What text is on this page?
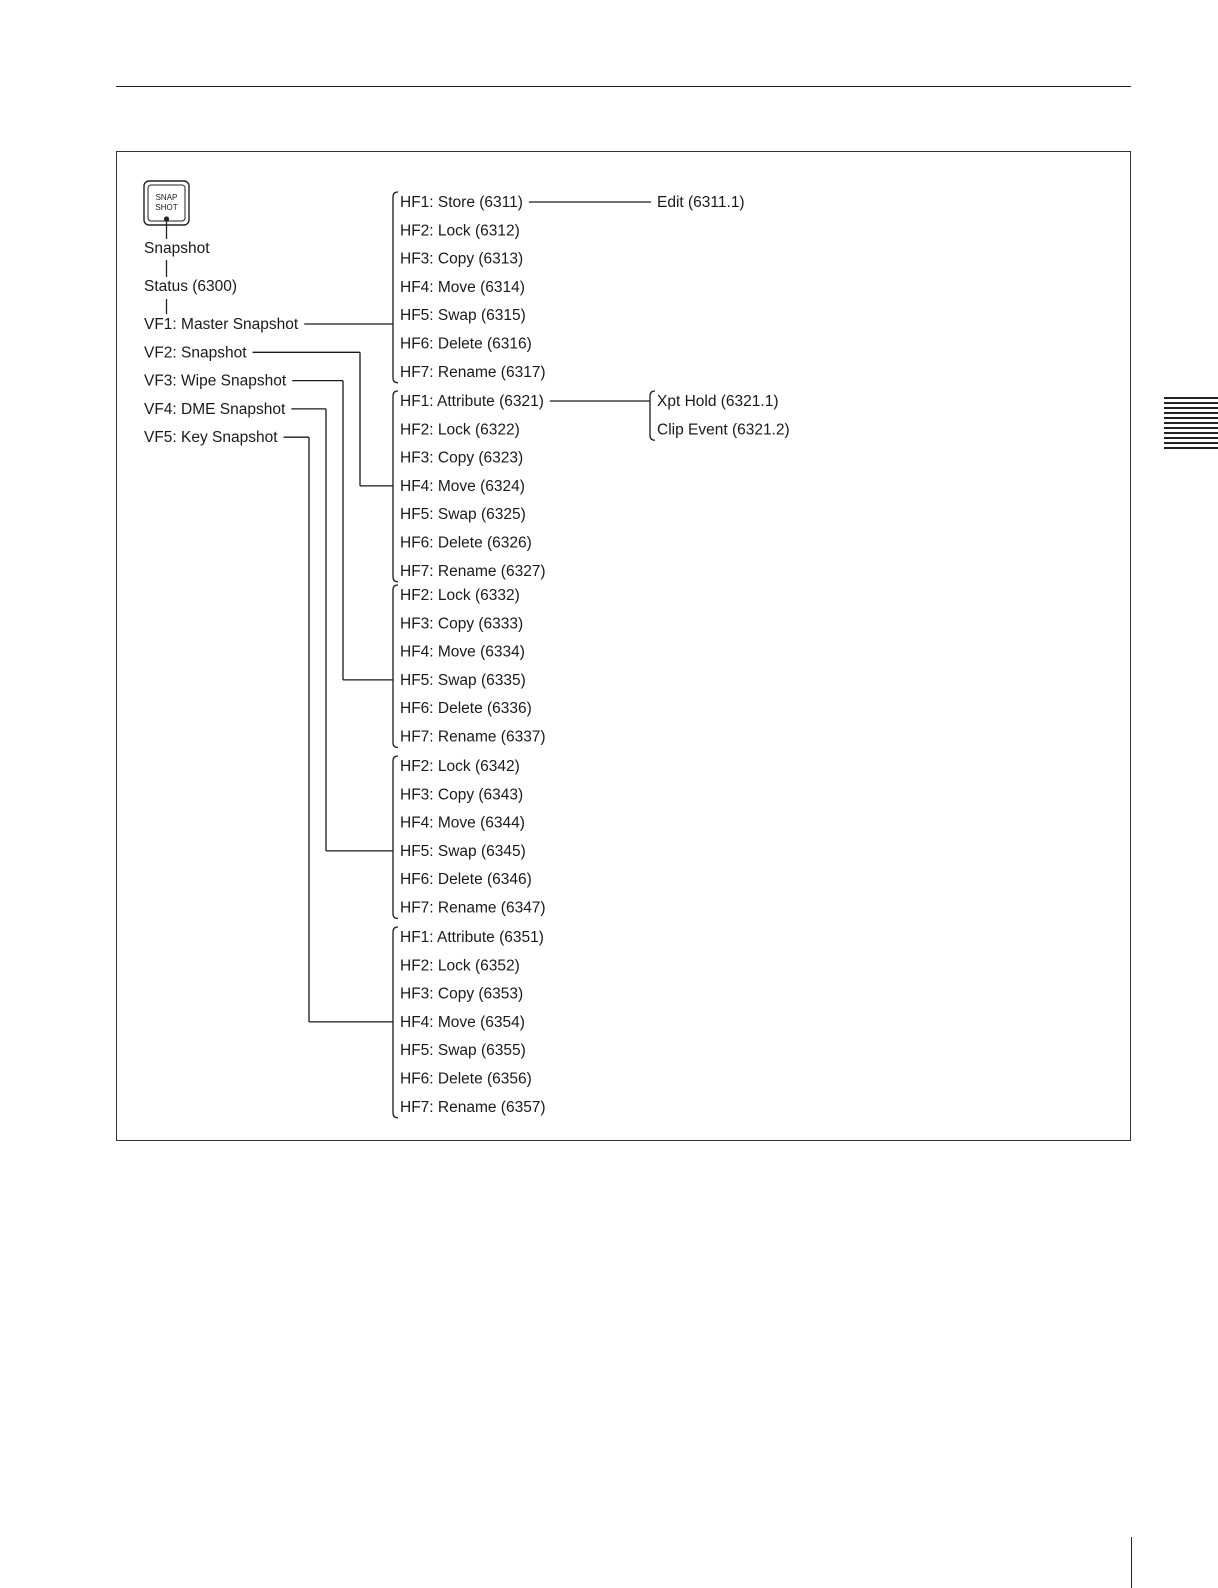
SNAP
SHOT
Snapshot
Status (6300)
VF1: Master Snapshot
VF2: Snapshot
VF3: Wipe Snapshot
VF4: DME Snapshot
VF5: Key Snapshot
HF1: Store (6311)
HF2: Lock (6312)
HF3: Copy (6313)
HF4: Move (6314)
HF5: Swap (6315)
HF6: Delete (6316)
HF7: Rename (6317)
HF1: Attribute (6321)
HF2: Lock (6322)
HF3: Copy (6323)
HF4: Move (6324)
HF5: Swap (6325)
HF6: Delete (6326)
HF7: Rename (6327)
HF2: Lock (6332)
HF3: Copy (6333)
HF4: Move (6334)
HF5: Swap (6335)
HF6: Delete (6336)
HF7: Rename (6337)
HF2: Lock (6342)
HF3: Copy (6343)
HF4: Move (6344)
HF5: Swap (6345)
HF6: Delete (6346)
HF7: Rename (6347)
HF1: Attribute (6351)
HF2: Lock (6352)
HF3: Copy (6353)
HF4: Move (6354)
HF5: Swap (6355)
HF6: Delete (6356)
HF7: Rename (6357)
Edit (6311.1)
Xpt Hold (6321.1)
Clip Event (6321.2)
